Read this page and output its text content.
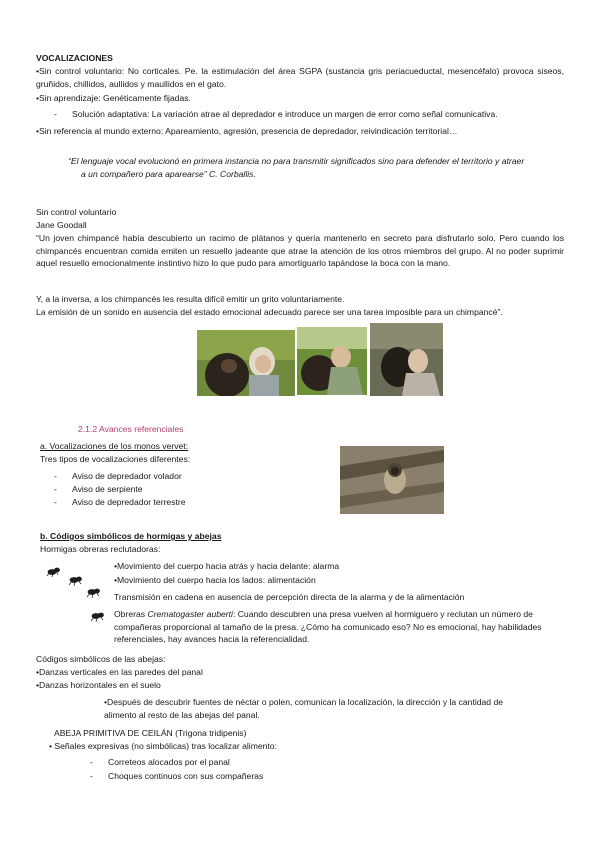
VOCALIZACIONES
•Sin control voluntario: No corticales. Pe. la estimulación del área SGPA (sustancia gris periacueductal, mesencéfalo) provoca siseos, gruñidos, chillidos, aullidos y maullidos en el gato.
•Sin aprendizaje: Genéticamente fijadas.
- Solución adaptativa: La variación atrae al depredador e introduce un margen de error como señal comunicativa.
•Sin referencia al mundo externo: Apareamiento, agresión, presencia de depredador, reivindicación territorial…
“El lenguaje vocal evolucionó en primera instancia no para transmitir significados sino para defender el territorio y atraer
a un compañero para aparearse” C. Corballis.
Sin control voluntario
Jane Goodall
“Un joven chimpancé había descubierto un racimo de plátanos y quería mantenerlo en secreto para disfrutarlo solo. Pero cuando los chimpancés encuentran comida emiten un resuello jadeante que atrae la atención de los otros miembros del grupo. Al no poder suprimir aquel resuello emocionalmente instintivo hizo lo que pudo para amortiguarlo tapándose la boca con la mano.
Y, a la inversa, a los chimpancés les resulta difícil emitir un grito voluntariamente.
La emisión de un sonido en ausencia del estado emocional adecuado parece ser una tarea imposible para un chimpancé”.
2.1.2 Avances referenciales
a. Vocalizaciones de los monos vervet:
Tres tipos de vocalizaciones diferentes:
- Aviso de depredador volador
- Aviso de serpiente
- Aviso de depredador terrestre
b. Códigos simbólicos de hormigas y abejas
Hormigas obreras reclutadoras:
•Movimiento del cuerpo hacia atrás y hacia delante: alarma
•Movimiento del cuerpo hacia los lados: alimentación
Transmisión en cadena en ausencia de percepción directa de la alarma y de la alimentación
Obreras Crematogaster auberti: Cuando descubren una presa vuelven al hormiguero y reclutan un número de compañeras proporcional al tamaño de la presa. ¿Cómo ha comunicado eso? No es emocional, hay habilidades referenciales, hay avances hacia la referencialidad.
Códigos simbólicos de las abejas:
•Danzas verticales en las paredes del panal
•Danzas horizontales en el suelo
•Después de descubrir fuentes de néctar o polen, comunican la localización, la dirección y la cantidad de alimento al resto de las abejas del panal.
ABEJA PRIMITIVA DE CEILÁN (Trigona tridipenis)
• Señales expresivas (no simbólicas) tras localizar alimento:
- Correteos alocados por el panal
- Choques continuos con sus compañeras
